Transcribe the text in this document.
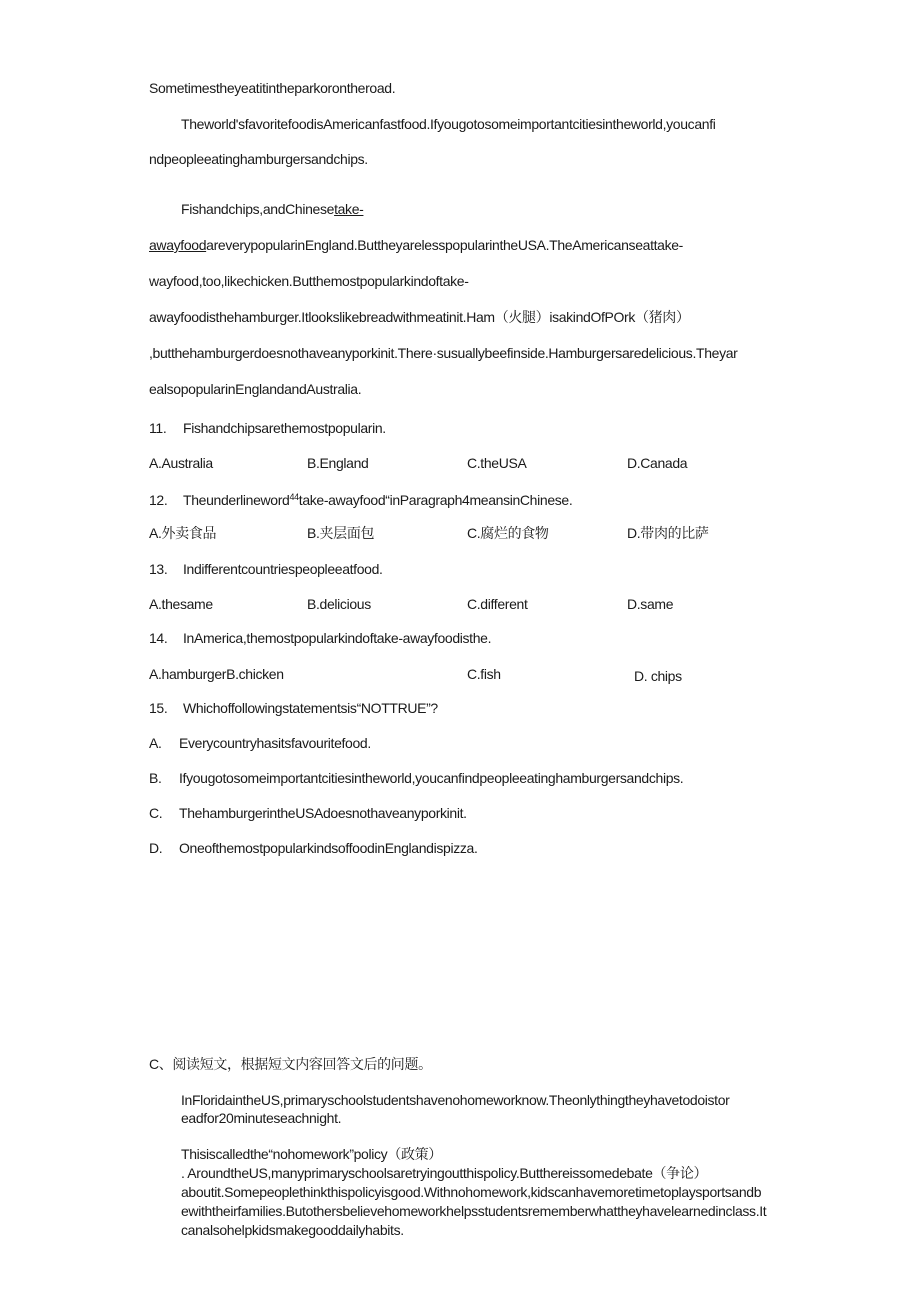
Sometimestheyeatitintheparkorontheroad.
Theworld'sfavoritefoodisAmericanfastfood.Ifyougotosomeimportantcitiesintheworld,youcanfi
ndpeopleeatinghamburgersandchips.
Fishandchips,andChinesetake-
awayfoodareverypopularinEngland.ButtheyarelesspopularintheUSA.TheAmericanseattake-
wayfood,too,likechicken.Butthemostpopularkindoftake-
awayfoodisthehamburger.Itlookslikebreadwithmeatinit.Ham（火腿）isakindOfPOrk（猪肉）
,butthehamburgerdoesnothaveanyporkinit.There·susuallybeefinside.Hamburgersaredelicious.Theyar
ealsopopularinEnglandandAustralia.
11. Fishandchipsarethemostpopularin.
A.Australia	B.England	C.theUSA	D.Canada
12. Theunderlineword$^{44}$take-awayfood“inParagraph4meansinChinese.
A.外卖食品	B.夹层面包	C.腐烂的食物	D.带肉的比萨
13. Indifferentcountriespeopleeatfood.
A.thesame	B.delicious	C.different	D.same
14. InAmerica,themostpopularkindoftake-awayfoodisthe.
A.hamburgerB.chicken	C.fish	D. chips
15. Whichoffollowingstatementsis“NOTTRUE”?
A. Everycountryhasitsfavouritefood.
B. Ifyougotosomeimportantcitiesintheworld,youcanfindpeopleeatinghamburgersandchips.
C. ThehamburgerintheUSAdoesnothaveanyporkinit.
D. OneofthemostpopularkindsoffoodinEnglandispizza.
C、阅读短文，根据短文内容回答文后的问题。
InFloridaintheUS,primaryschoolstudentshavenohomeworknow.Theonlythingtheyhavetodoistor
eadfor20minuteseachnight.
Thisiscalledthe“nohomework”policy（政策）
. AroundtheUS,manyprimaryschoolsaretryingoutthispolicy.Butthereissomedebate（争论）
aboutit.Somepeoplethinkthispolicyisgood.Withnohomework,kidscanhavemoretimetoplaysportsandb
ewiththeirfamilies.Butothersbelievehomeworkhelpsstudentsrememberwhattheyhavelearnedinclass.It
canalsohelpkidsmakegooddailyhabits.
